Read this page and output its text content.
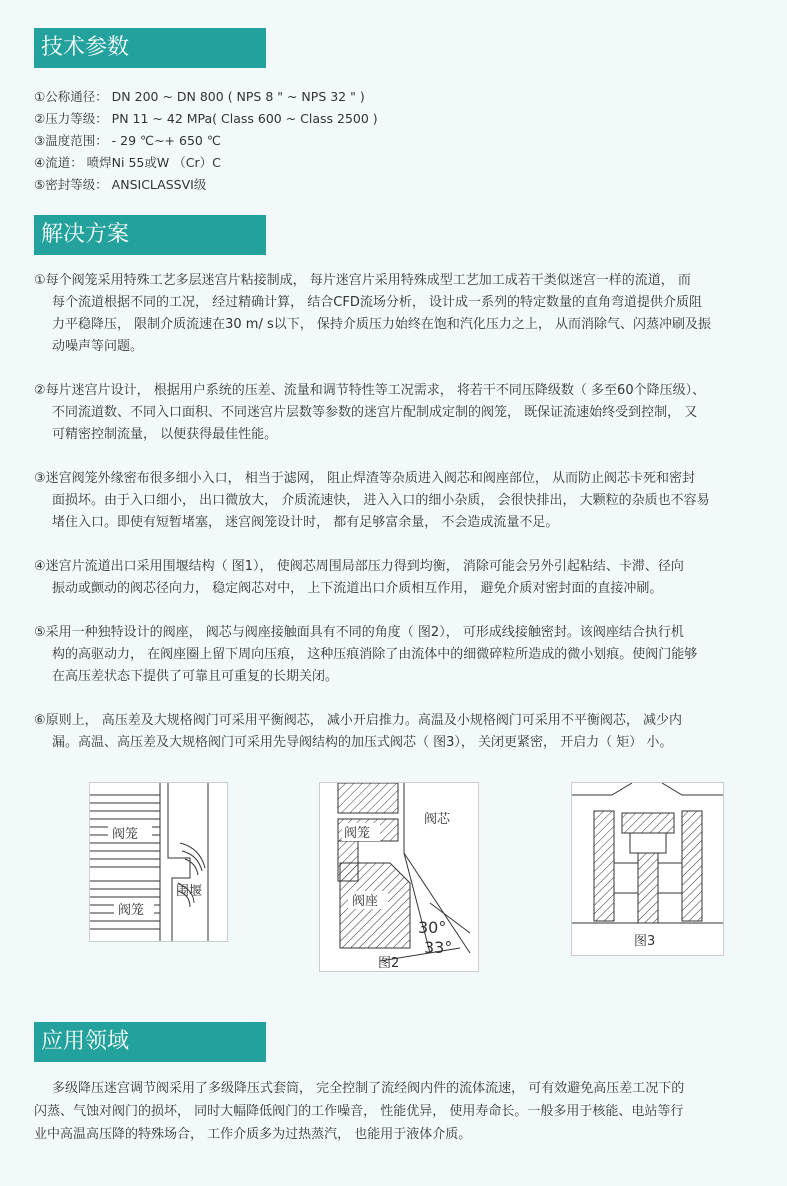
技术参数
①公称通径： DN 200 ~ DN 800 ( NPS 8 " ~ NPS 32 " )
②压力等级： PN 11 ~ 42 MPa( Class 600 ~ Class 2500 )
③温度范围： - 29 ℃~+ 650 ℃
④流道： 喷焊Ni 55或W （Cr）C
⑤密封等级： ANSICLASSVI级
解决方案

①每个阀笼采用特殊工艺多层迷宫片粘接制成， 每片迷宫片采用特殊成型工艺加工成若干类似迷宫一样的流道， 而
每个流道根据不同的工况， 经过精确计算， 结合CFD流场分析， 设计成一系列的特定数量的直角弯道提供介质阻
力平稳降压， 限制介质流速在30 m/ s以下， 保持介质压力始终在饱和汽化压力之上， 从而消除气、闪蒸冲刷及振
动噪声等问题。

②每片迷宫片设计， 根据用户系统的压差、流量和调节特性等工况需求， 将若干不同压降级数（ 多至60个降压级）、
不同流道数、不同入口面积、不同迷宫片层数等参数的迷宫片配制成定制的阀笼， 既保证流速始终受到控制， 又
可精密控制流量， 以便获得最佳性能。

③迷宫阀笼外缘密布很多细小入口， 相当于滤网， 阻止焊渣等杂质进入阀芯和阀座部位， 从而防止阀芯卡死和密封
面损坏。由于入口细小， 出口微放大， 介质流速快， 进入入口的细小杂质， 会很快排出， 大颗粒的杂质也不容易
堵住入口。即使有短暂堵塞， 迷宫阀笼设计时， 都有足够富余量， 不会造成流量不足。

④迷宫片流道出口采用围堰结构（ 图1）， 使阀芯周围局部压力得到均衡， 消除可能会另外引起粘结、卡滞、径向
振动或颤动的阀芯径向力， 稳定阀芯对中， 上下流道出口介质相互作用， 避免介质对密封面的直接冲刷。

⑤采用一种独特设计的阀座， 阀芯与阀座接触面具有不同的角度（ 图2）， 可形成线接触密封。该阀座结合执行机
构的高驱动力， 在阀座圈上留下周向压痕， 这种压痕消除了由流体中的细微碎粒所造成的微小划痕。使阀门能够
在高压差状态下提供了可靠且可重复的长期关闭。

⑥原则上， 高压差及大规格阀门可采用平衡阀芯， 减小开启推力。高温及小规格阀门可采用不平衡阀芯， 减少内
漏。高温、高压差及大规格阀门可采用先导阀结构的加压式阀芯（ 图3）， 关闭更紧密， 开启力（ 矩） 小。

阀笼
围堰
阀笼
阀笼
阀芯
阀座
30°
33°
图2
图3
应用领域

多级降压迷宫调节阀采用了多级降压式套筒， 完全控制了流经阀内件的流体流速， 可有效避免高压差工况下的
闪蒸、气蚀对阀门的损坏， 同时大幅降低阀门的工作噪音， 性能优异， 使用寿命长。一般多用于核能、电站等行
业中高温高压降的特殊场合， 工作介质多为过热蒸汽， 也能用于液体介质。
